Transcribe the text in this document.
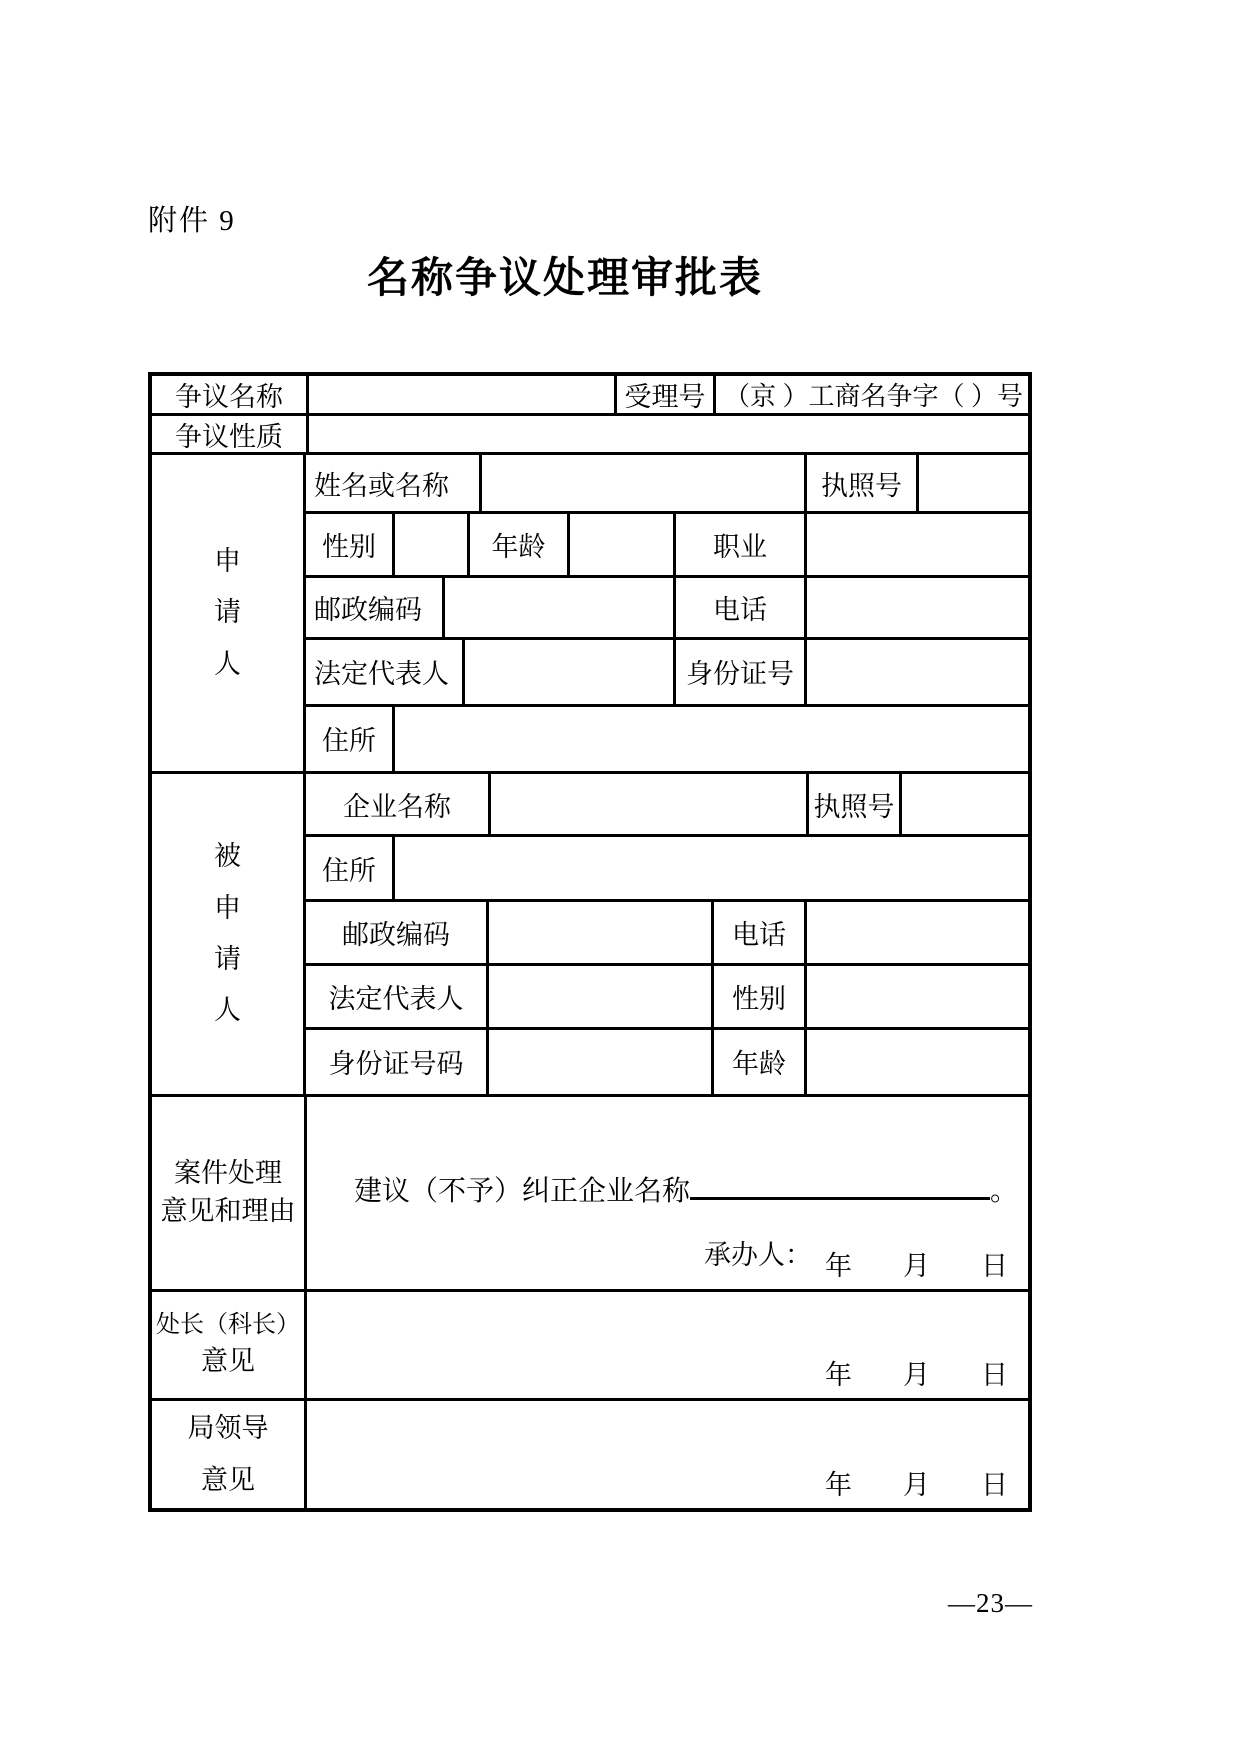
附件 9
名称争议处理审批表
争议名称	受理号 （京 ）工商名争字（ ）号
争议性质
申请人
姓名或名称	执照号
性别	年龄	职业
邮政编码	电话
法定代表人	身份证号
住所
被申请人
企业名称	执照号
住所
邮政编码	电话
法定代表人	性别
身份证号码	年龄
案件处理
意见和理由
建议（不予）纠正企业名称	。
承办人： 年　月　日
处长（科长）
意见	年　月　日
局领导
意见	年　月　日
—23—
